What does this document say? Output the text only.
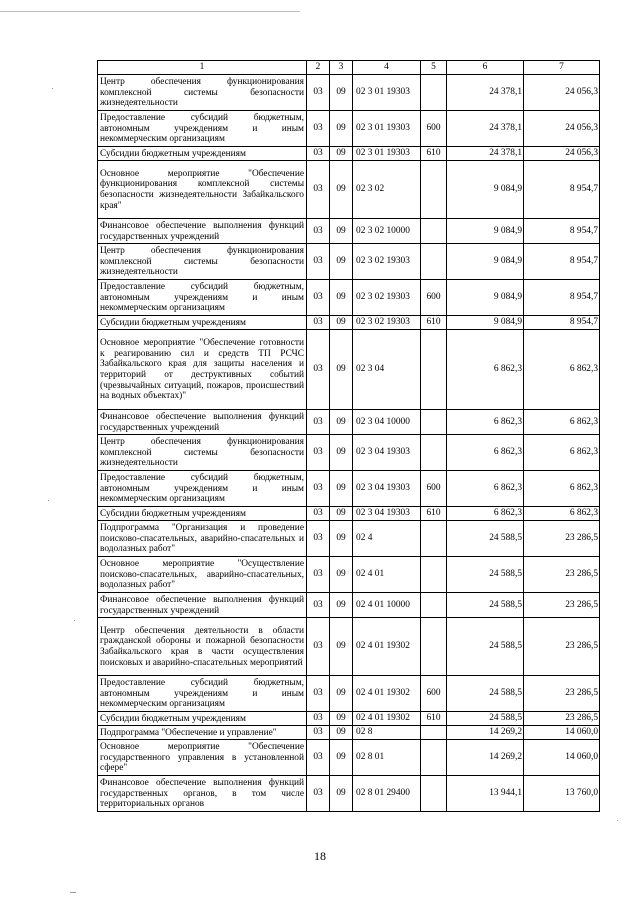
1	2	3	4	5	6	7
Центр обеспечения функционирования комплексной системы безопасности жизнедеятельности	03	09	02 3 01 19303		24 378,1	24 056,3
Предоставление субсидий бюджетным, автономным учреждениям и иным некоммерческим организациям	03	09	02 3 01 19303	600	24 378,1	24 056,3
Субсидии бюджетным учреждениям	03	09	02 3 01 19303	610	24 378,1	24 056,3
Основное мероприятие "Обеспечение функционирования комплексной системы безопасности жизнедеятельности Забайкальского края"	03	09	02 3 02		9 084,9	8 954,7
Финансовое обеспечение выполнения функций государственных учреждений	03	09	02 3 02 10000		9 084,9	8 954,7
Центр обеспечения функционирования комплексной системы безопасности жизнедеятельности	03	09	02 3 02 19303		9 084,9	8 954,7
Предоставление субсидий бюджетным, автономным учреждениям и иным некоммерческим организациям	03	09	02 3 02 19303	600	9 084,9	8 954,7
Субсидии бюджетным учреждениям	03	09	02 3 02 19303	610	9 084,9	8 954,7
Основное мероприятие "Обеспечение готовности к реагированию сил и средств ТП РСЧС Забайкальского края для защиты населения и территорий от деструктивных событий (чрезвычайных ситуаций, пожаров, происшествий на водных объектах)"	03	09	02 3 04		6 862,3	6 862,3
Финансовое обеспечение выполнения функций государственных учреждений	03	09	02 3 04 10000		6 862,3	6 862,3
Центр обеспечения функционирования комплексной системы безопасности жизнедеятельности	03	09	02 3 04 19303		6 862,3	6 862,3
Предоставление субсидий бюджетным, автономным учреждениям и иным некоммерческим организациям	03	09	02 3 04 19303	600	6 862,3	6 862,3
Субсидии бюджетным учреждениям	03	09	02 3 04 19303	610	6 862,3	6 862,3
Подпрограмма "Организация и проведение поисково-спасательных, аварийно-спасательных и водолазных работ"	03	09	02 4		24 588,5	23 286,5
Основное мероприятие "Осуществление поисково-спасательных, аварийно-спасательных, водолазных работ"	03	09	02 4 01		24 588,5	23 286,5
Финансовое обеспечение выполнения функций государственных учреждений	03	09	02 4 01 10000		24 588,5	23 286,5
Центр обеспечения деятельности в области гражданской обороны и пожарной безопасности Забайкальского края в части осуществления поисковых и аварийно-спасательных мероприятий	03	09	02 4 01 19302		24 588,5	23 286,5
Предоставление субсидий бюджетным, автономным учреждениям и иным некоммерческим организациям	03	09	02 4 01 19302	600	24 588,5	23 286,5
Субсидии бюджетным учреждениям	03	09	02 4 01 19302	610	24 588,5	23 286,5
Подпрограмма "Обеспечение и управление"	03	09	02 8		14 269,2	14 060,0
Основное мероприятие "Обеспечение государственного управления в установленной сфере"	03	09	02 8 01		14 269,2	14 060,0
Финансовое обеспечение выполнения функций государственных органов, в том числе территориальных органов	03	09	02 8 01 29400		13 944,1	13 760,0
18
